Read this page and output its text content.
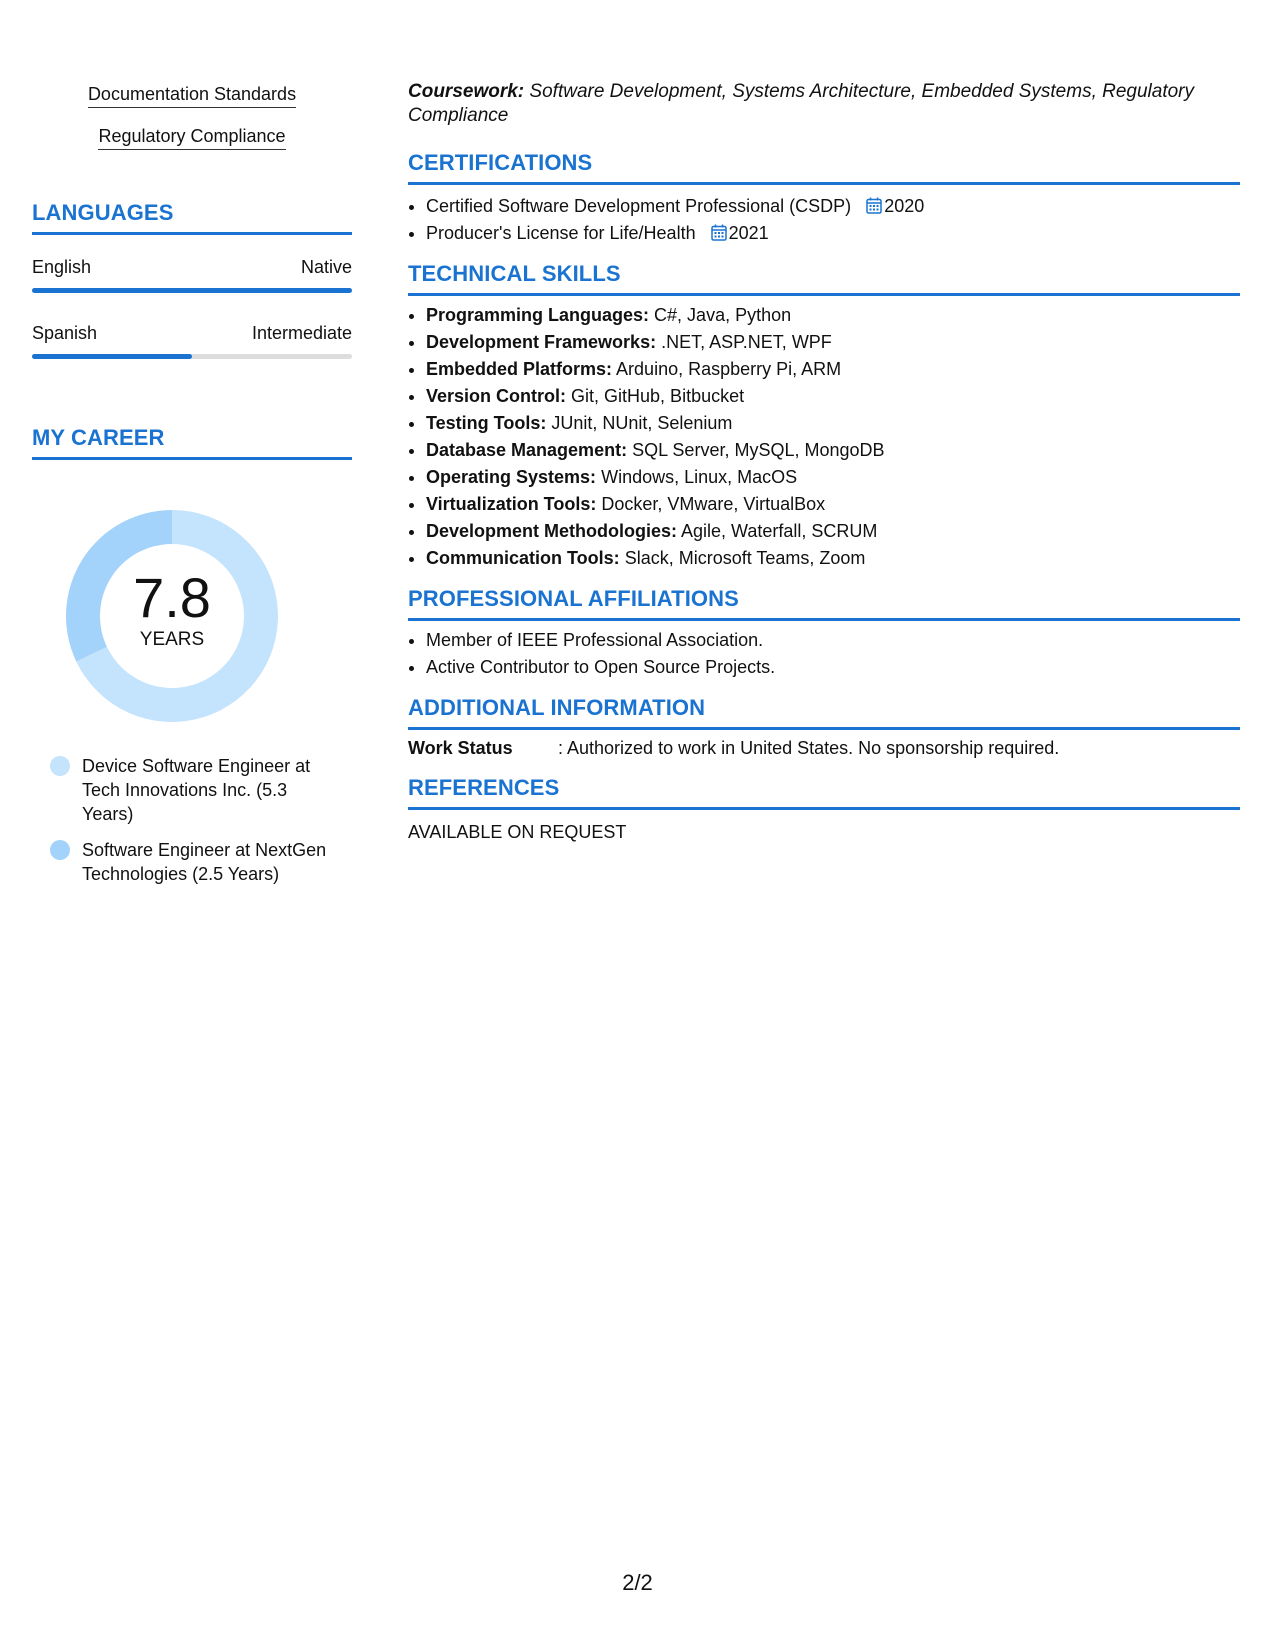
Documentation Standards
Regulatory Compliance
LANGUAGES
English	Native
Spanish	Intermediate
MY CAREER
7.8
YEARS
Device Software Engineer at Tech Innovations Inc. (5.3 Years)
Software Engineer at NextGen Technologies (2.5 Years)
Coursework: Software Development, Systems Architecture, Embedded Systems, Regulatory Compliance
CERTIFICATIONS
• Certified Software Development Professional (CSDP) 2020
• Producer's License for Life/Health 2021
TECHNICAL SKILLS
• Programming Languages: C#, Java, Python
• Development Frameworks: .NET, ASP.NET, WPF
• Embedded Platforms: Arduino, Raspberry Pi, ARM
• Version Control: Git, GitHub, Bitbucket
• Testing Tools: JUnit, NUnit, Selenium
• Database Management: SQL Server, MySQL, MongoDB
• Operating Systems: Windows, Linux, MacOS
• Virtualization Tools: Docker, VMware, VirtualBox
• Development Methodologies: Agile, Waterfall, SCRUM
• Communication Tools: Slack, Microsoft Teams, Zoom
PROFESSIONAL AFFILIATIONS
• Member of IEEE Professional Association.
• Active Contributor to Open Source Projects.
ADDITIONAL INFORMATION
Work Status	: Authorized to work in United States. No sponsorship required.
REFERENCES
AVAILABLE ON REQUEST
2/2
